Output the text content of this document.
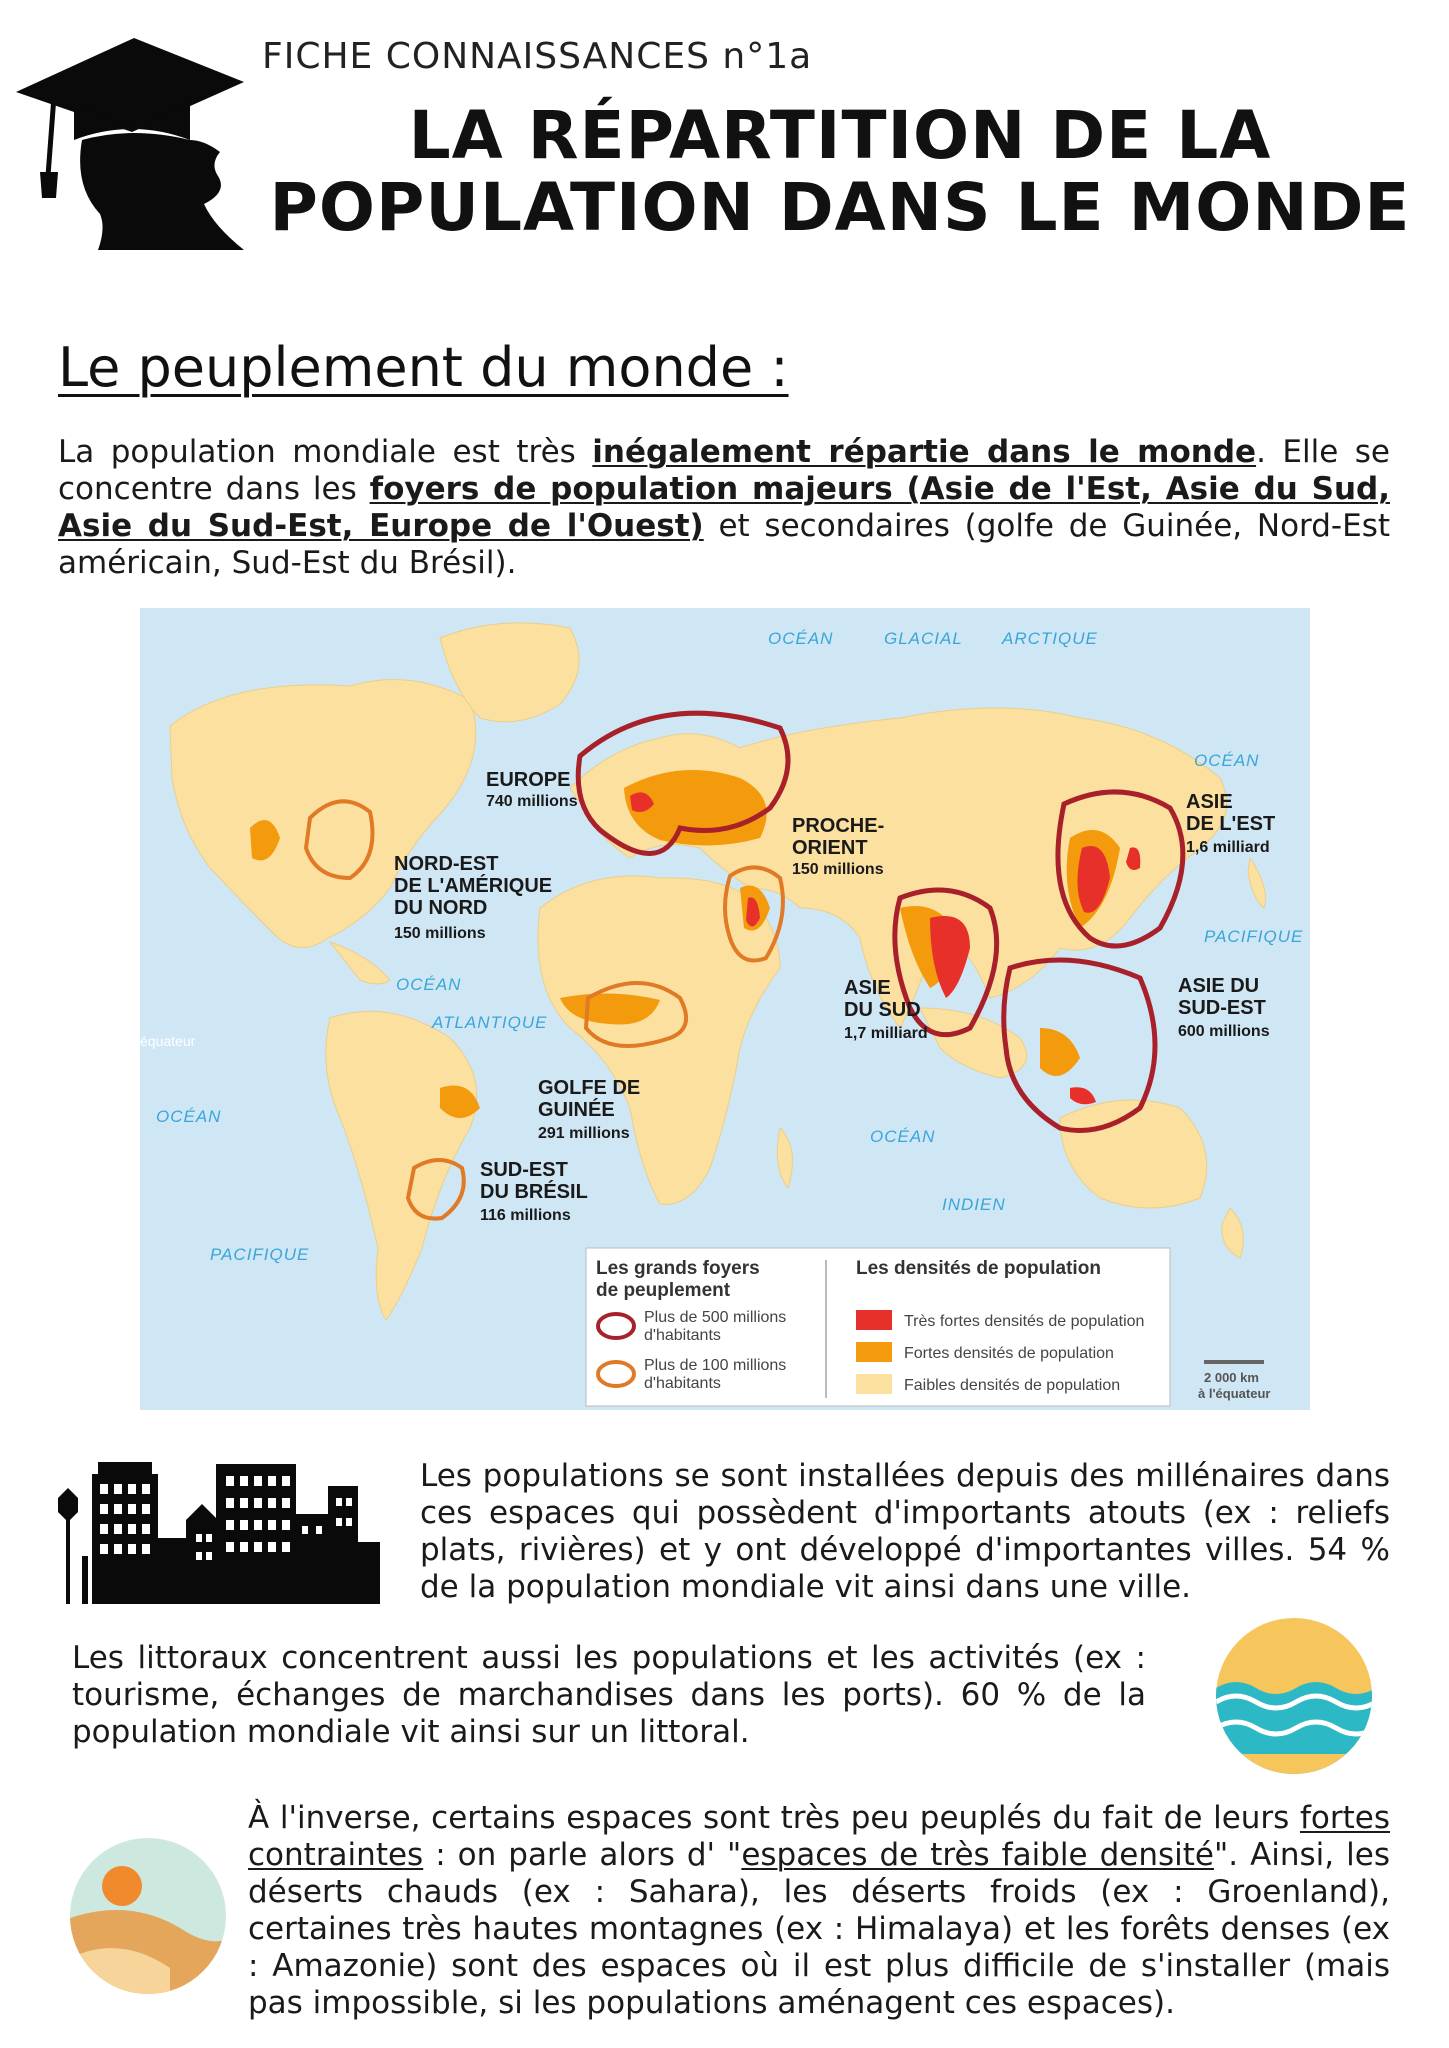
FICHE CONNAISSANCES n°1a
LA RÉPARTITION DE LA
POPULATION DANS LE MONDE
Le peuplement du monde :
La population mondiale est très inégalement répartie dans le monde. Elle se concentre dans les foyers de population majeurs (Asie de l'Est, Asie du Sud, Asie du Sud-Est, Europe de l'Ouest) et secondaires (golfe de Guinée, Nord-Est américain, Sud-Est du Brésil).
OCÉAN	GLACIAL ARCTIQUE
OCÉAN
ATLANTIQUE
OCÉAN
PACIFIQUE
OCÉAN
PACIFIQUE
OCÉAN
INDIEN
équateur
EUROPE
740 millions
NORD-EST
DE L'AMÉRIQUE
DU NORD
150 millions
PROCHE-
ORIENT
150 millions
ASIE
DE L'EST
1,6 milliard
ASIE
DU SUD
1,7 milliard
ASIE DU
SUD-EST
600 millions
GOLFE DE
GUINÉE
291 millions
SUD-EST
DU BRÉSIL
116 millions
Les grands foyers
de peuplement
Les densités de population
Plus de 500 millions
d'habitants
Plus de 100 millions
d'habitants
Très fortes densités de population
Fortes densités de population
Faibles densités de population	2 000 km
à l'équateur
Les populations se sont installées depuis des millénaires dans ces espaces qui possèdent d'importants atouts (ex : reliefs plats, rivières) et y ont développé d'importantes villes. 54 % de la population mondiale vit ainsi dans une ville.
Les littoraux concentrent aussi les populations et les activités (ex : tourisme, échanges de marchandises dans les ports). 60 % de la population mondiale vit ainsi sur un littoral.
À l'inverse, certains espaces sont très peu peuplés du fait de leurs fortes contraintes : on parle alors d' "espaces de très faible densité". Ainsi, les déserts chauds (ex : Sahara), les déserts froids (ex : Groenland), certaines très hautes montagnes (ex : Himalaya) et les forêts denses (ex : Amazonie) sont des espaces où il est plus difficile de s'installer (mais pas impossible, si les populations aménagent ces espaces).
